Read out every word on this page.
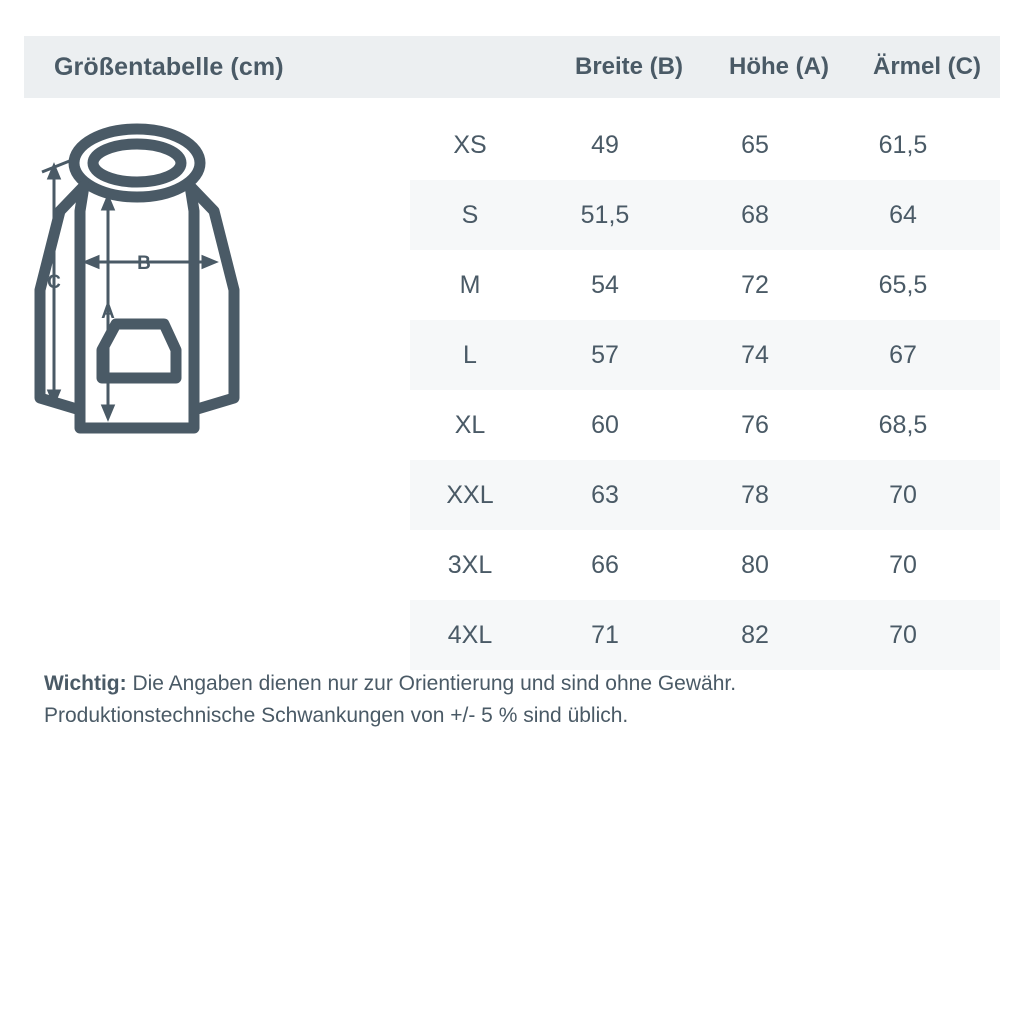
Größentabelle (cm)	Breite (B)	Höhe (A)	Ärmel (C)
B
A
C
XS	49	65	61,5
S	51,5	68	64
M	54	72	65,5
L	57	74	67
XL	60	76	68,5
XXL	63	78	70
3XL	66	80	70
4XL	71	82	70
Wichtig: Die Angaben dienen nur zur Orientierung und sind ohne Gewähr.
Produktionstechnische Schwankungen von +/- 5 % sind üblich.
